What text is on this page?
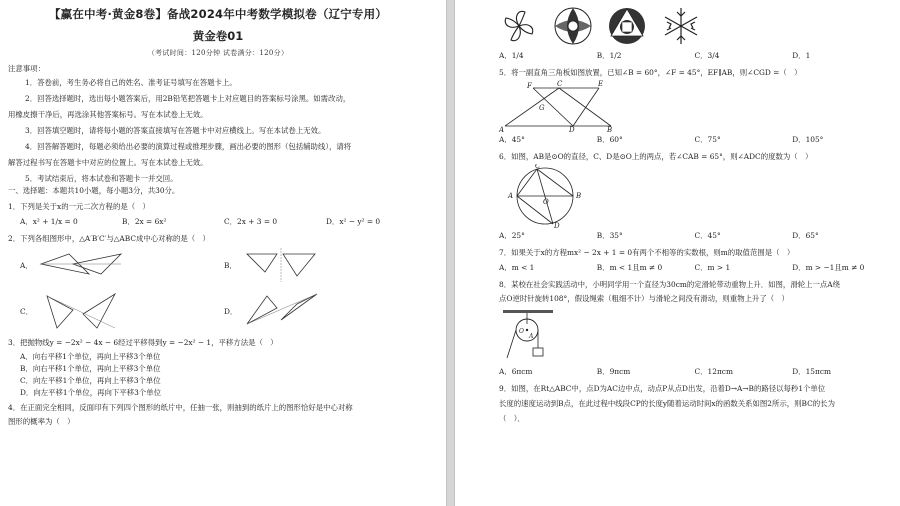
【赢在中考·黄金8卷】备战2024年中考数学模拟卷（辽宁专用）
黄金卷01
（考试时间：120分钟 试卷满分：120分）
注意事项：
1．答卷前，考生务必将自己的姓名、准考证号填写在答题卡上。
2．回答选择题时，选出每小题答案后，用2B铅笔把答题卡上对应题目的答案标号涂黑。如需改动，
用橡皮擦干净后，再选涂其他答案标号。写在本试卷上无效。
3．回答填空题时，请将每小题的答案直接填写在答题卡中对应横线上。写在本试卷上无效。
4．回答解答题时，每题必须给出必要的演算过程或推理步骤，画出必要的图形（包括辅助线），请将
解答过程书写在答题卡中对应的位置上。写在本试卷上无效。
5．考试结束后，将本试卷和答题卡一并交回。
一、选择题：本题共10小题，每小题3分，共30分。
1．下列是关于x的一元二次方程的是（　）
A．x² + 1/x = 0	B．2x = 6x²	C．2x + 3 = 0	D．x² − y² = 0
2．下列各组图形中，△A′B′C′与△ABC成中心对称的是（　）
A．	B．
C．	D．
3．把抛物线y = −2x² − 4x − 6经过平移得到y = −2x² − 1，平移方法是（　）
A．向右平移1个单位，再向上平移3个单位
B．向右平移1个单位，再向上平移3个单位
C．向左平移1个单位，再向上平移3个单位
D．向左平移1个单位，再向下平移3个单位
4．在正面完全相同，反面印有下列四个图形的纸片中，任抽一张，则抽到的纸片上的图形恰好是中心对称
图形的概率为（　）
A．1/4	B．1/2	C．3/4	D．1
5．将一副直角三角板如图放置，已知∠B = 60°，∠F = 45°，EF∥AB，则∠CGD =（　）
A
C	E
F
G
D	B
A．45°	B．60°	C．75°	D．105°
6．如图，AB是⊙O的直径，C、D是⊙O上的两点，若∠CAB = 65°，则∠ADC的度数为（　）
A
C
B
O
D
A．25°	B．35°	C．45°	D．65°
7．如果关于x的方程mx² − 2x + 1 = 0有两个不相等的实数根，则m的取值范围是（　）
A．m < 1	B．m < 1且m ≠ 0	C．m > 1	D．m > −1且m ≠ 0
8．某校在社会实践活动中，小明同学用一个直径为30cm的定滑轮带动重物上升．如图，滑轮上一点A绕
点O逆时针旋转108°，假设绳索（粗细不计）与滑轮之间没有滑动，则重物上升了（　）
O
A
A．6πcm	B．9πcm	C．12πcm	D．15πcm
9．如图，在Rt△ABC中，点D为AC边中点，动点P从点D出发，沿着D→A→B的路径以每秒1个单位
长度的速度运动到B点，在此过程中线段CP的长度y随着运动时间x的函数关系如图2所示，则BC的长为
（　）．
